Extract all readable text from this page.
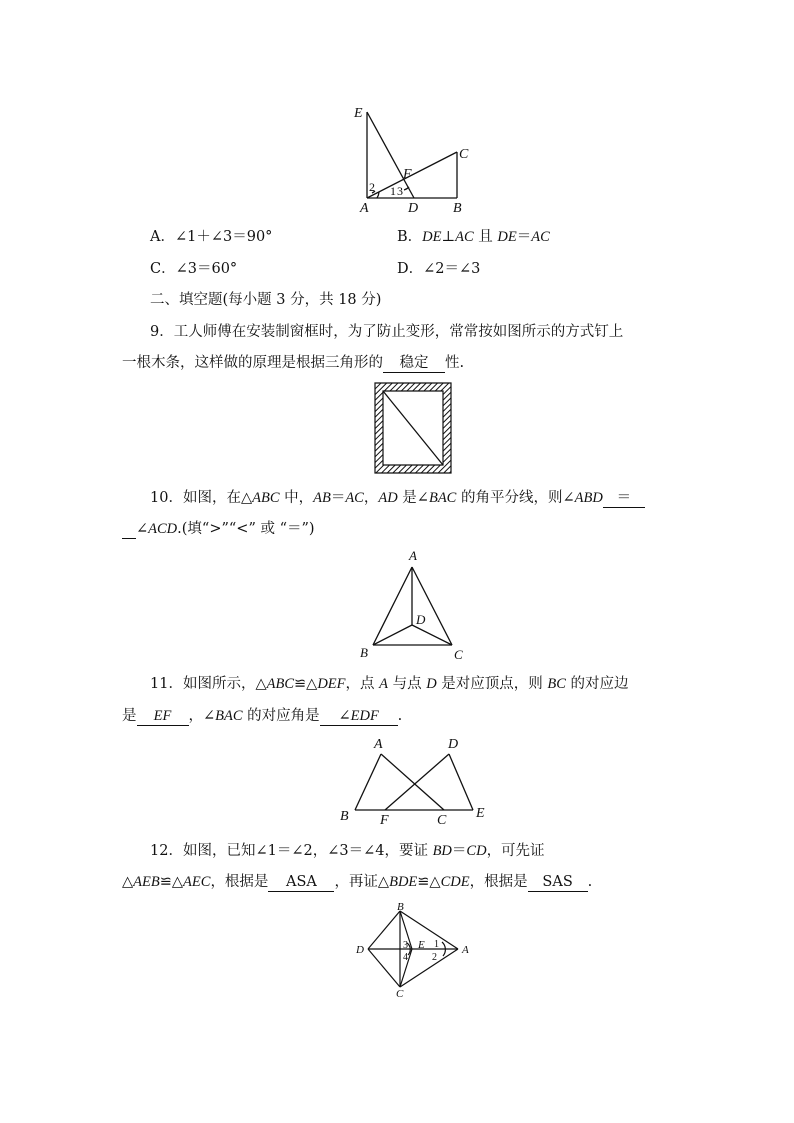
E
C
F
2 1 3
A	D B
A．∠1＋∠3＝90°	B．DE⊥AC 且 DE＝AC
C．∠3＝60°	D．∠2＝∠3
二、填空题(每小题 3 分，共 18 分)
9．工人师傅在安装制窗框时，为了防止变形，常常按如图所示的方式钉上
一根木条，这样做的原理是根据三角形的 稳定 性.
10．如图，在△ABC 中，AB＝AC，AD 是∠BAC 的角平分线，则∠ABD ＝
∠ACD.(填“>”“<” 或 “＝”)
A
D
B	C
11．如图所示，△ABC≌△DEF，点 A 与点 D 是对应顶点，则 BC 的对应边
是 EF ，∠BAC 的对应角是 ∠EDF .
A	D
B F	C E
12．如图，已知∠1＝∠2，∠3＝∠4，要证 BD＝CD，可先证
△AEB≌△AEC，根据是 ASA ，再证△BDE≌△CDE，根据是 SAS .
B
D	3
4
E 1
2
A
C
